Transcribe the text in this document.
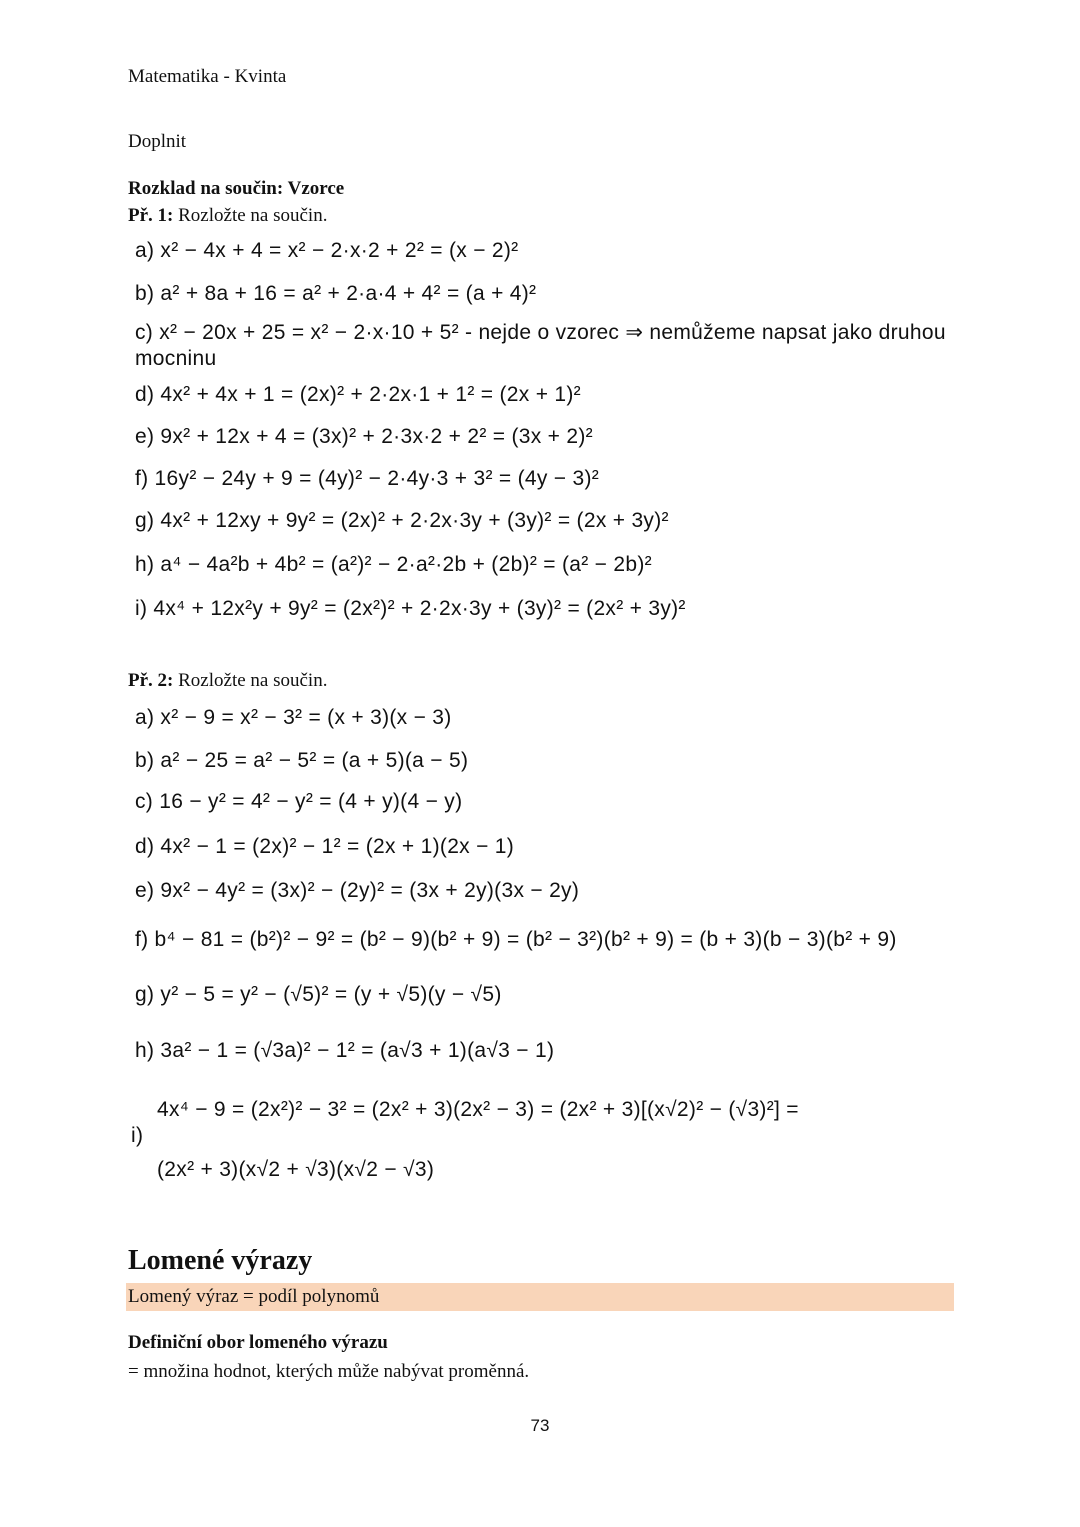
Matematika - Kvinta
Doplnit
Rozklad na součin: Vzorce
Př. 1: Rozložte na součin.
a) x² − 4x + 4 = x² − 2·x·2 + 2² = (x − 2)²
b) a² + 8a + 16 = a² + 2·a·4 + 4² = (a + 4)²
c) x² − 20x + 25 = x² − 2·x·10 + 5² - nejde o vzorec ⇒ nemůžeme napsat jako druhou
mocninu
d) 4x² + 4x + 1 = (2x)² + 2·2x·1 + 1² = (2x + 1)²
e) 9x² + 12x + 4 = (3x)² + 2·3x·2 + 2² = (3x + 2)²
f) 16y² − 24y + 9 = (4y)² − 2·4y·3 + 3² = (4y − 3)²
g) 4x² + 12xy + 9y² = (2x)² + 2·2x·3y + (3y)² = (2x + 3y)²
h) a⁴ − 4a²b + 4b² = (a²)² − 2·a²·2b + (2b)² = (a² − 2b)²
i) 4x⁴ + 12x²y + 9y² = (2x²)² + 2·2x·3y + (3y)² = (2x² + 3y)²
Př. 2: Rozložte na součin.
a) x² − 9 = x² − 3² = (x + 3)(x − 3)
b) a² − 25 = a² − 5² = (a + 5)(a − 5)
c) 16 − y² = 4² − y² = (4 + y)(4 − y)
d) 4x² − 1 = (2x)² − 1² = (2x + 1)(2x − 1)
e) 9x² − 4y² = (3x)² − (2y)² = (3x + 2y)(3x − 2y)
f) b⁴ − 81 = (b²)² − 9² = (b² − 9)(b² + 9) = (b² − 3²)(b² + 9) = (b + 3)(b − 3)(b² + 9)
g) y² − 5 = y² − (√5)² = (y + √5)(y − √5)
h) 3a² − 1 = (√3a)² − 1² = (a√3 + 1)(a√3 − 1)
i)
4x⁴ − 9 = (2x²)² − 3² = (2x² + 3)(2x² − 3) = (2x² + 3)[(x√2)² − (√3)²] =
(2x² + 3)(x√2 + √3)(x√2 − √3)
Lomené výrazy
Lomený výraz = podíl polynomů
Definiční obor lomeného výrazu
= množina hodnot, kterých může nabývat proměnná.
73
